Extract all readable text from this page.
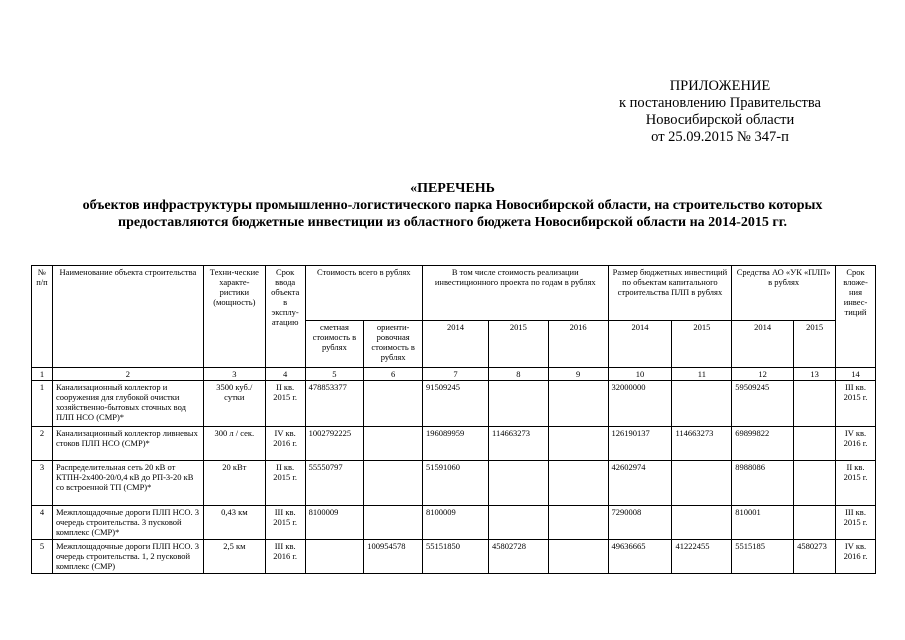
ПРИЛОЖЕНИЕ
к постановлению Правительства
Новосибирской области
от 25.09.2015 № 347-п
«ПЕРЕЧЕНЬ
объектов инфраструктуры промышленно-логистического парка Новосибирской области, на строительство которых
предоставляются бюджетные инвестиции из областного бюджета Новосибирской области на 2014-2015 гг.
№ п/п	Наименование объекта строительства	Техни-ческие характе-ристики (мощность)	Срок ввода объекта в эксплу-атацию	Стоимость всего в рублях		В том числе стоимость реализации инвестиционного проекта по годам в рублях			Размер бюджетных инвестиций по объектам капитального строительства ПЛП в рублях		Средства АО «УК «ПЛП» в рублях		Срок вложе-ния инвес-тиций
				сметная стоимость в рублях	ориенти-ровочная стоимость в рублях	2014	2015	2016	2014	2015	2014	2015	
1	2	3	4	5	6	7	8	9	10	11	12	13	14
1	Канализационный коллектор и сооружения для глубокой очистки хозяйственно-бытовых сточных вод ПЛП НСО (СМР)*	3500 куб./ сутки	II кв. 2015 г.	478853377		91509245			32000000		59509245		III кв. 2015 г.
2	Канализационный коллектор ливневых стоков ПЛП НСО (СМР)*	300 л / сек.	IV кв. 2016 г.	1002792225		196089959	114663273		126190137	114663273	69899822		IV кв. 2016 г.
3	Распределительная сеть 20 кВ от КТПН-2х400-20/0,4 кВ до РП-3-20 кВ со встроенной ТП (СМР)*	20 кВт	II кв. 2015 г.	55550797		51591060			42602974		8988086		II кв. 2015 г.
4	Межплощадочные дороги ПЛП НСО. 3 очередь строительства. 3 пусковой комплекс (СМР)*	0,43 км	III кв. 2015 г.	8100009		8100009			7290008		810001		III кв. 2015 г.
5	Межплощадочные дороги ПЛП НСО. 3 очередь строительства. 1, 2 пусковой комплекс (СМР)	2,5 км	III кв. 2016 г.		100954578	55151850	45802728		49636665	41222455	5515185	4580273	IV кв. 2016 г.
